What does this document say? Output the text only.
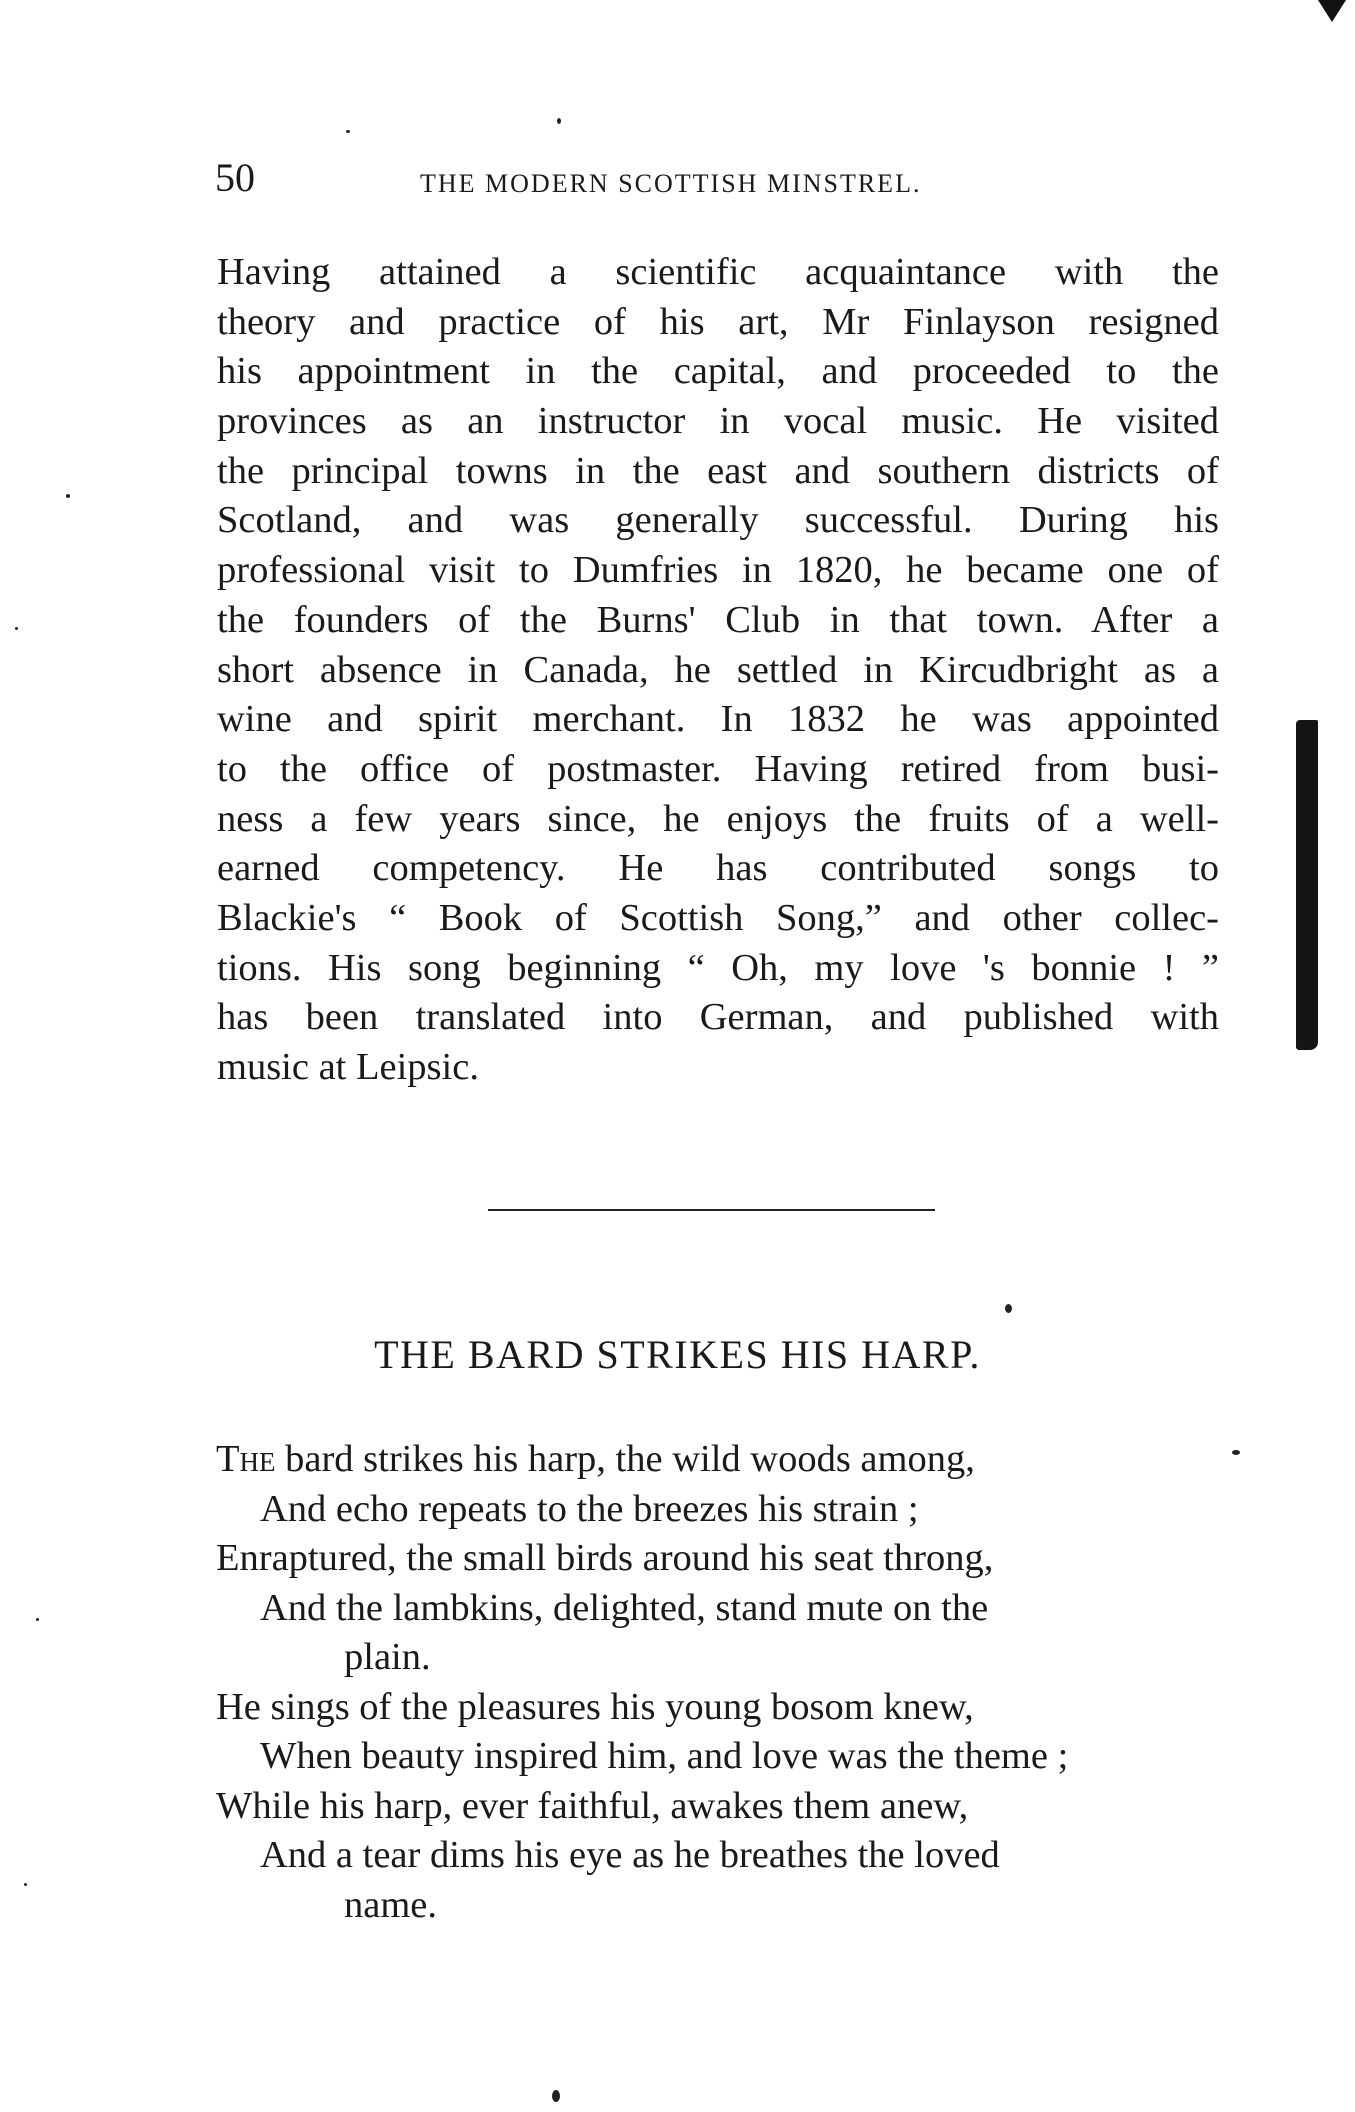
50	THE MODERN SCOTTISH MINSTREL.
Having attained a scientific acquaintance with the
theory and practice of his art, Mr Finlayson resigned
his appointment in the capital, and proceeded to the
provinces as an instructor in vocal music. He visited
the principal towns in the east and southern districts of
Scotland, and was generally successful. During his
professional visit to Dumfries in 1820, he became one of
the founders of the Burns' Club in that town. After a
short absence in Canada, he settled in Kircudbright as a
wine and spirit merchant. In 1832 he was appointed
to the office of postmaster. Having retired from busi-
ness a few years since, he enjoys the fruits of a well-
earned competency. He has contributed songs to
Blackie's “ Book of Scottish Song,” and other collec-
tions. His song beginning “ Oh, my love 's bonnie ! ”
has been translated into German, and published with
music at Leipsic.
THE BARD STRIKES HIS HARP.
The bard strikes his harp, the wild woods among,
And echo repeats to the breezes his strain ;
Enraptured, the small birds around his seat throng,
And the lambkins, delighted, stand mute on the
plain.
He sings of the pleasures his young bosom knew,
When beauty inspired him, and love was the theme ;
While his harp, ever faithful, awakes them anew,
And a tear dims his eye as he breathes the loved
name.
